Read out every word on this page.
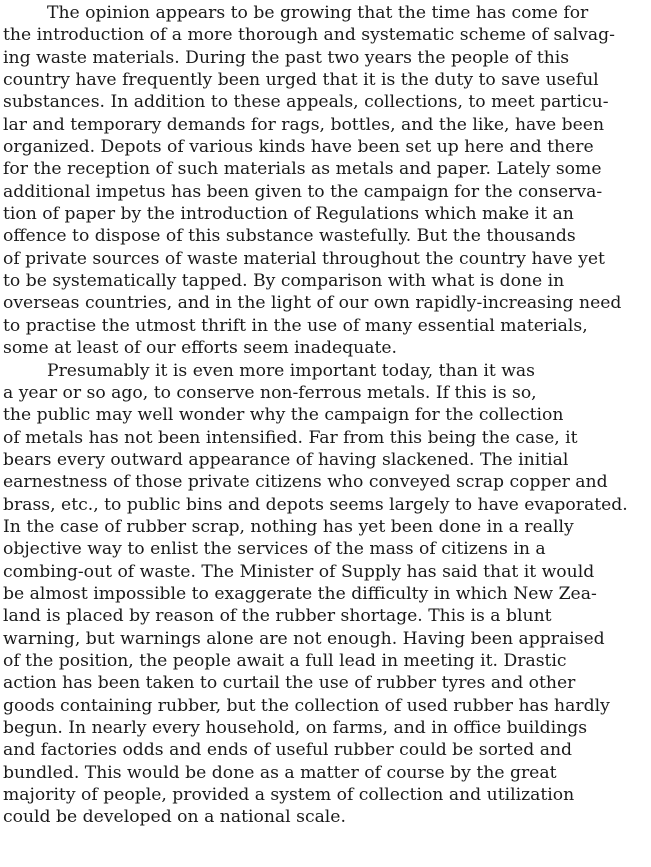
The opinion appears to be growing that the time has come for
the introduction of a more thorough and systematic scheme of salvag-
ing waste materials. During the past two years the people of this
country have frequently been urged that it is the duty to save useful
substances. In addition to these appeals, collections, to meet particu-
lar and temporary demands for rags, bottles, and the like, have been
organized. Depots of various kinds have been set up here and there
for the reception of such materials as metals and paper. Lately some
additional impetus has been given to the campaign for the conserva-
tion of paper by the introduction of Regulations which make it an
offence to dispose of this substance wastefully. But the thousands
of private sources of waste material throughout the country have yet
to be systematically tapped. By comparison with what is done in
overseas countries, and in the light of our own rapidly-increasing need
to practise the utmost thrift in the use of many essential materials,
some at least of our efforts seem inadequate.
Presumably it is even more important today, than it was
a year or so ago, to conserve non-ferrous metals. If this is so,
the public may well wonder why the campaign for the collection
of metals has not been intensified. Far from this being the case, it
bears every outward appearance of having slackened. The initial
earnestness of those private citizens who conveyed scrap copper and
brass, etc., to public bins and depots seems largely to have evaporated.
In the case of rubber scrap, nothing has yet been done in a really
objective way to enlist the services of the mass of citizens in a
combing-out of waste. The Minister of Supply has said that it would
be almost impossible to exaggerate the difficulty in which New Zea-
land is placed by reason of the rubber shortage. This is a blunt
warning, but warnings alone are not enough. Having been appraised
of the position, the people await a full lead in meeting it. Drastic
action has been taken to curtail the use of rubber tyres and other
goods containing rubber, but the collection of used rubber has hardly
begun. In nearly every household, on farms, and in office buildings
and factories odds and ends of useful rubber could be sorted and
bundled. This would be done as a matter of course by the great
majority of people, provided a system of collection and utilization
could be developed on a national scale.
